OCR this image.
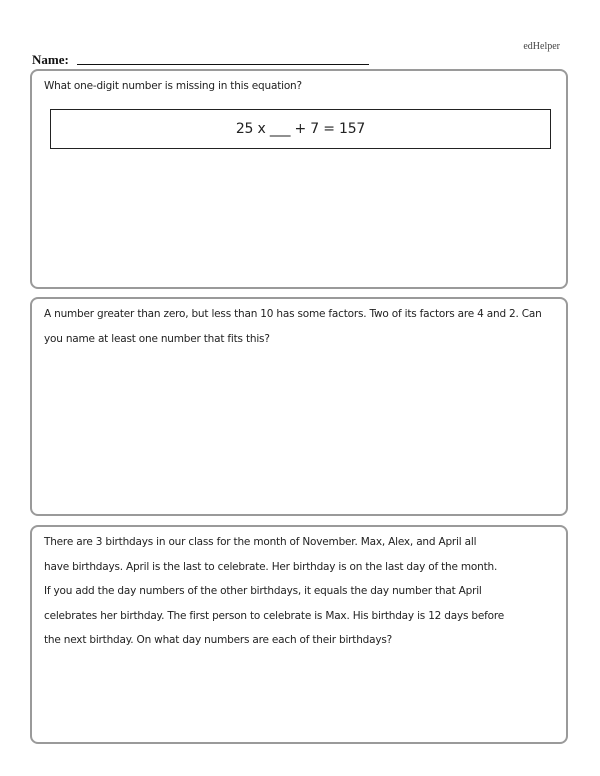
edHelper
Name:
What one-digit number is missing in this equation?
25 x ___ + 7 = 157
A number greater than zero, but less than 10 has some factors. Two of its factors are 4 and 2. Can you name at least one number that fits this?
There are 3 birthdays in our class for the month of November. Max, Alex, and April all
have birthdays. April is the last to celebrate. Her birthday is on the last day of the month.
If you add the day numbers of the other birthdays, it equals the day number that April
celebrates her birthday. The first person to celebrate is Max. His birthday is 12 days before
the next birthday. On what day numbers are each of their birthdays?
